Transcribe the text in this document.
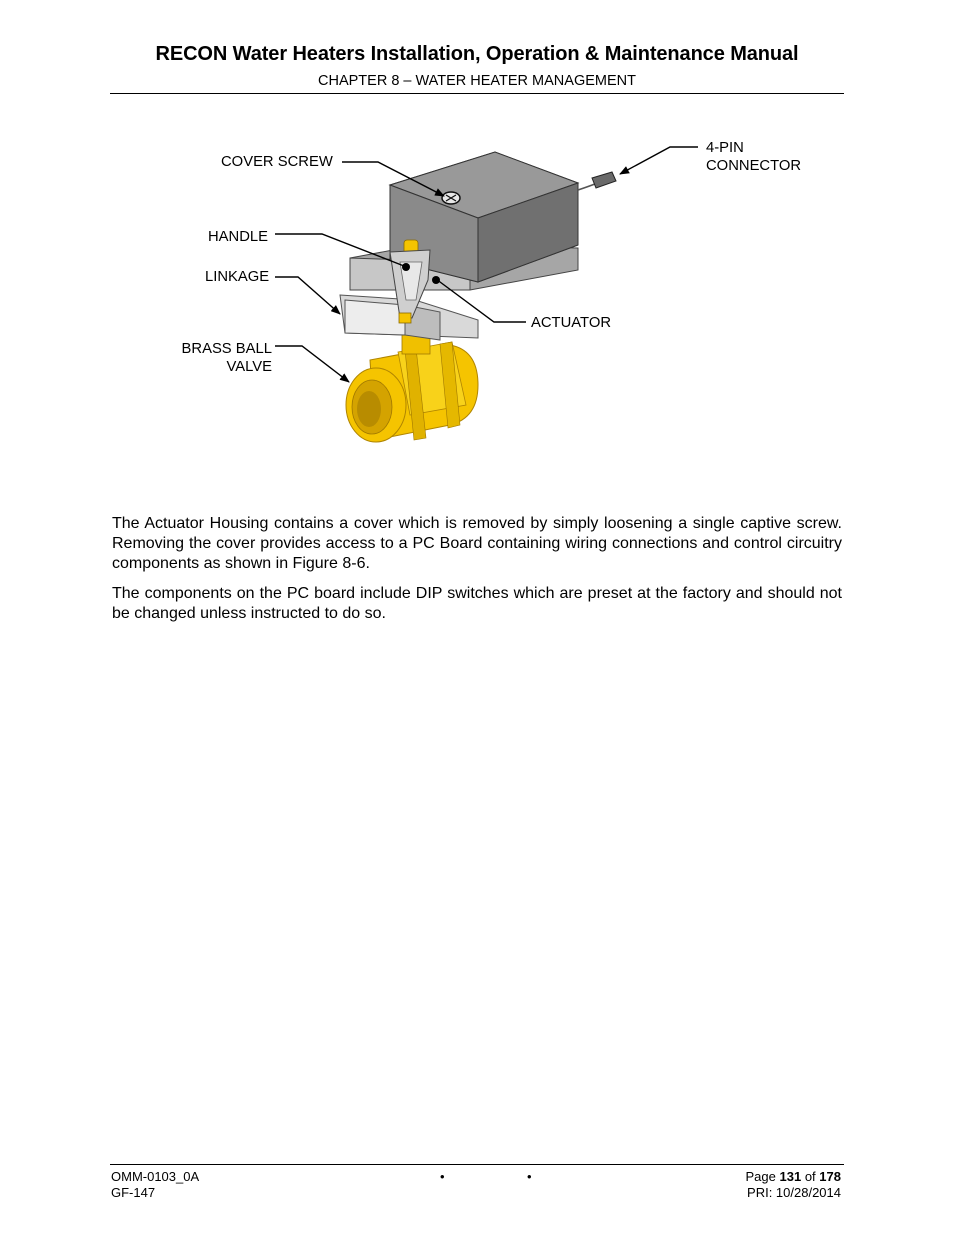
RECON Water Heaters Installation, Operation & Maintenance Manual
CHAPTER 8 – WATER HEATER MANAGEMENT
COVER SCREW
HANDLE
LINKAGE
BRASS BALL
VALVE
4-PIN
CONNECTOR
ACTUATOR

The Actuator Housing contains a cover which is removed by simply loosening a single captive screw. Removing the cover provides access to a PC Board containing wiring connections and control circuitry components as shown in Figure 8-6.

The components on the PC board include DIP switches which are preset at the factory and should not be changed unless instructed to do so.

OMM-0103_0A
GF-147
•	•	Page 131 of 178
PRI: 10/28/2014
